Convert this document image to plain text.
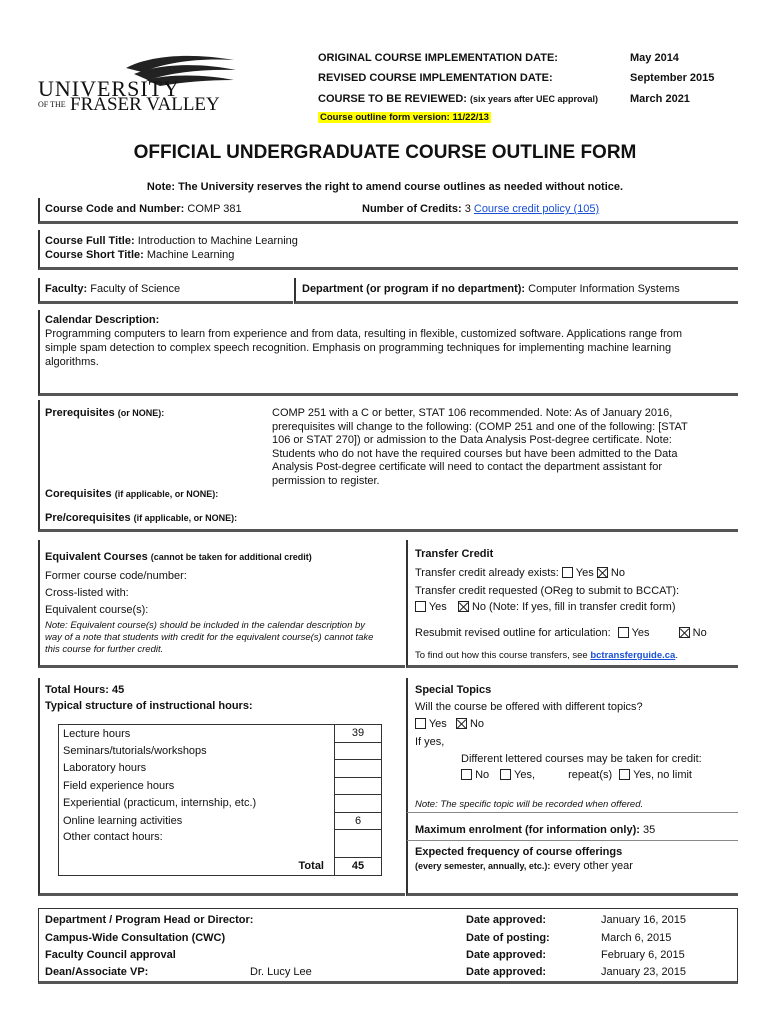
UNIVERSITY
OF THE FRASER VALLEY
ORIGINAL COURSE IMPLEMENTATION DATE:	May 2014
REVISED COURSE IMPLEMENTATION DATE:	September 2015
COURSE TO BE REVIEWED: (six years after UEC approval)	March 2021
Course outline form version: 11/22/13
OFFICIAL UNDERGRADUATE COURSE OUTLINE FORM
Note: The University reserves the right to amend course outlines as needed without notice.
Course Code and Number: COMP 381	Number of Credits: 3 Course credit policy (105)
Course Full Title: Introduction to Machine Learning
Course Short Title: Machine Learning
Faculty: Faculty of Science	Department (or program if no department): Computer Information Systems
Calendar Description:
Programming computers to learn from experience and from data, resulting in flexible, customized software. Applications range from
simple spam detection to complex speech recognition. Emphasis on programming techniques for implementing machine learning
algorithms.
Prerequisites (or NONE):	COMP 251 with a C or better, STAT 106 recommended. Note: As of January 2016,
prerequisites will change to the following: (COMP 251 and one of the following: [STAT
106 or STAT 270]) or admission to the Data Analysis Post-degree certificate. Note:
Students who do not have the required courses but have been admitted to the Data
Analysis Post-degree certificate will need to contact the department assistant for
permission to register.
Corequisites (if applicable, or NONE):
Pre/corequisites (if applicable, or NONE):
Equivalent Courses (cannot be taken for additional credit)
Former course code/number:
Cross-listed with:
Equivalent course(s):
Note: Equivalent course(s) should be included in the calendar description by
way of a note that students with credit for the equivalent course(s) cannot take
this course for further credit.
Transfer Credit
Transfer credit already exists: Yes No
Transfer credit requested (OReg to submit to BCCAT):
Yes No (Note: If yes, fill in transfer credit form)
Resubmit revised outline for articulation: Yes	No
To find out how this course transfers, see bctransferguide.ca.
Total Hours: 45
Typical structure of instructional hours:
Lecture hours	39
Seminars/tutorials/workshops	
Laboratory hours	
Field experience hours	
Experiential (practicum, internship, etc.)	
Online learning activities	6
Other contact hours:	
Total	45
Special Topics
Will the course be offered with different topics?
Yes No
If yes,
Different lettered courses may be taken for credit:
No Yes,	repeat(s) Yes, no limit
Note: The specific topic will be recorded when offered.
Maximum enrolment (for information only): 35
Expected frequency of course offerings
(every semester, annually, etc.): every other year
Department / Program Head or Director:	Date approved:	January 16, 2015
Campus-Wide Consultation (CWC)	Date of posting:	March 6, 2015
Faculty Council approval	Date approved:	February 6, 2015
Dean/Associate VP:	Dr. Lucy Lee	Date approved:	January 23, 2015
